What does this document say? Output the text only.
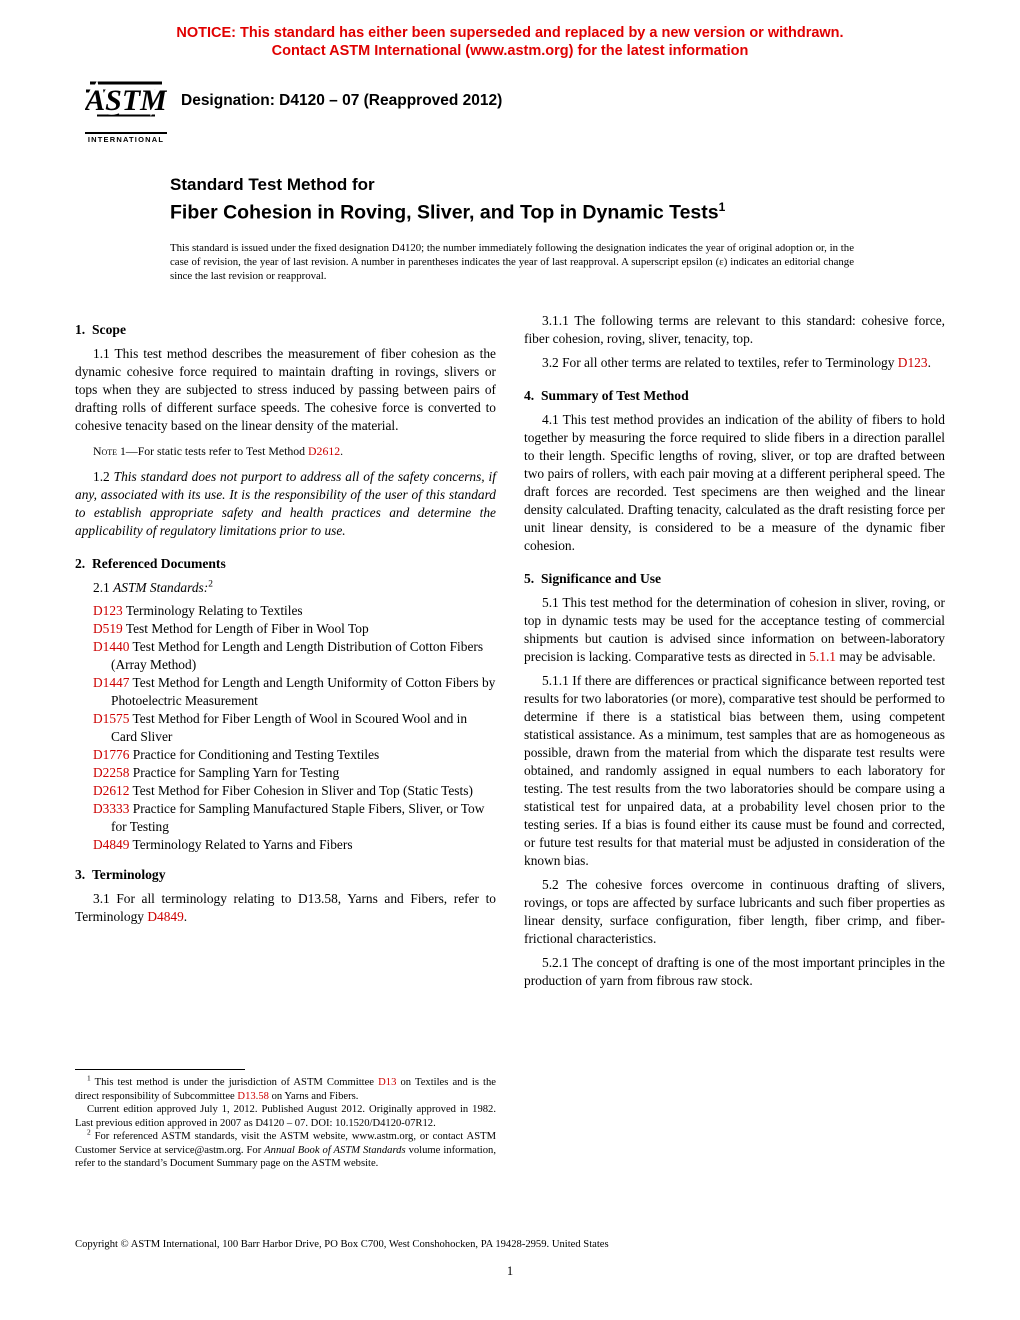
NOTICE: This standard has either been superseded and replaced by a new version or withdrawn.
Contact ASTM International (www.astm.org) for the latest information
ASTM
INTERNATIONAL
Designation: D4120 – 07 (Reapproved 2012)
Standard Test Method for
Fiber Cohesion in Roving, Sliver, and Top in Dynamic Tests$^1$
This standard is issued under the fixed designation D4120; the number immediately following the designation indicates the year of original adoption or, in the case of revision, the year of last revision. A number in parentheses indicates the year of last reapproval. A superscript epsilon (ε) indicates an editorial change since the last revision or reapproval.
1. Scope

1.1 This test method describes the measurement of fiber cohesion as the dynamic cohesive force required to maintain drafting in rovings, slivers or tops when they are subjected to stress induced by passing between pairs of drafting rolls of different surface speeds. The cohesive force is converted to cohesive tenacity based on the linear density of the material.

Note 1—For static tests refer to Test Method D2612.

1.2 This standard does not purport to address all of the safety concerns, if any, associated with its use. It is the responsibility of the user of this standard to establish appropriate safety and health practices and determine the applicability of regulatory limitations prior to use.

2. Referenced Documents

2.1 ASTM Standards:$^2$

D123 Terminology Relating to Textiles
D519 Test Method for Length of Fiber in Wool Top
D1440 Test Method for Length and Length Distribution of Cotton Fibers (Array Method)
D1447 Test Method for Length and Length Uniformity of Cotton Fibers by Photoelectric Measurement
D1575 Test Method for Fiber Length of Wool in Scoured Wool and in Card Sliver
D1776 Practice for Conditioning and Testing Textiles
D2258 Practice for Sampling Yarn for Testing
D2612 Test Method for Fiber Cohesion in Sliver and Top (Static Tests)
D3333 Practice for Sampling Manufactured Staple Fibers, Sliver, or Tow for Testing
D4849 Terminology Related to Yarns and Fibers
3. Terminology

3.1 For all terminology relating to D13.58, Yarns and Fibers, refer to Terminology D4849.

$^1$ This test method is under the jurisdiction of ASTM Committee D13 on Textiles and is the direct responsibility of Subcommittee D13.58 on Yarns and Fibers.

Current edition approved July 1, 2012. Published August 2012. Originally approved in 1982. Last previous edition approved in 2007 as D4120 – 07. DOI: 10.1520/D4120-07R12.

$^2$ For referenced ASTM standards, visit the ASTM website, www.astm.org, or contact ASTM Customer Service at service@astm.org. For Annual Book of ASTM Standards volume information, refer to the standard’s Document Summary page on the ASTM website.

3.1.1 The following terms are relevant to this standard: cohesive force, fiber cohesion, roving, sliver, tenacity, top.

3.2 For all other terms are related to textiles, refer to Terminology D123.

4. Summary of Test Method

4.1 This test method provides an indication of the ability of fibers to hold together by measuring the force required to slide fibers in a direction parallel to their length. Specific lengths of roving, sliver, or top are drafted between two pairs of rollers, with each pair moving at a different peripheral speed. The draft forces are recorded. Test specimens are then weighed and the linear density calculated. Drafting tenacity, calculated as the draft resisting force per unit linear density, is considered to be a measure of the dynamic fiber cohesion.

5. Significance and Use

5.1 This test method for the determination of cohesion in sliver, roving, or top in dynamic tests may be used for the acceptance testing of commercial shipments but caution is advised since information on between-laboratory precision is lacking. Comparative tests as directed in 5.1.1 may be advisable.

5.1.1 If there are differences or practical significance between reported test results for two laboratories (or more), comparative test should be performed to determine if there is a statistical bias between them, using competent statistical assistance. As a minimum, test samples that are as homogeneous as possible, drawn from the material from which the disparate test results were obtained, and randomly assigned in equal numbers to each laboratory for testing. The test results from the two laboratories should be compare using a statistical test for unpaired data, at a probability level chosen prior to the testing series. If a bias is found either its cause must be found and corrected, or future test results for that material must be adjusted in consideration of the known bias.

5.2 The cohesive forces overcome in continuous drafting of slivers, rovings, or tops are affected by surface lubricants and such fiber properties as linear density, surface configuration, fiber length, fiber crimp, and fiber-frictional characteristics.

5.2.1 The concept of drafting is one of the most important principles in the production of yarn from fibrous raw stock.

Copyright © ASTM International, 100 Barr Harbor Drive, PO Box C700, West Conshohocken, PA 19428-2959. United States
1
